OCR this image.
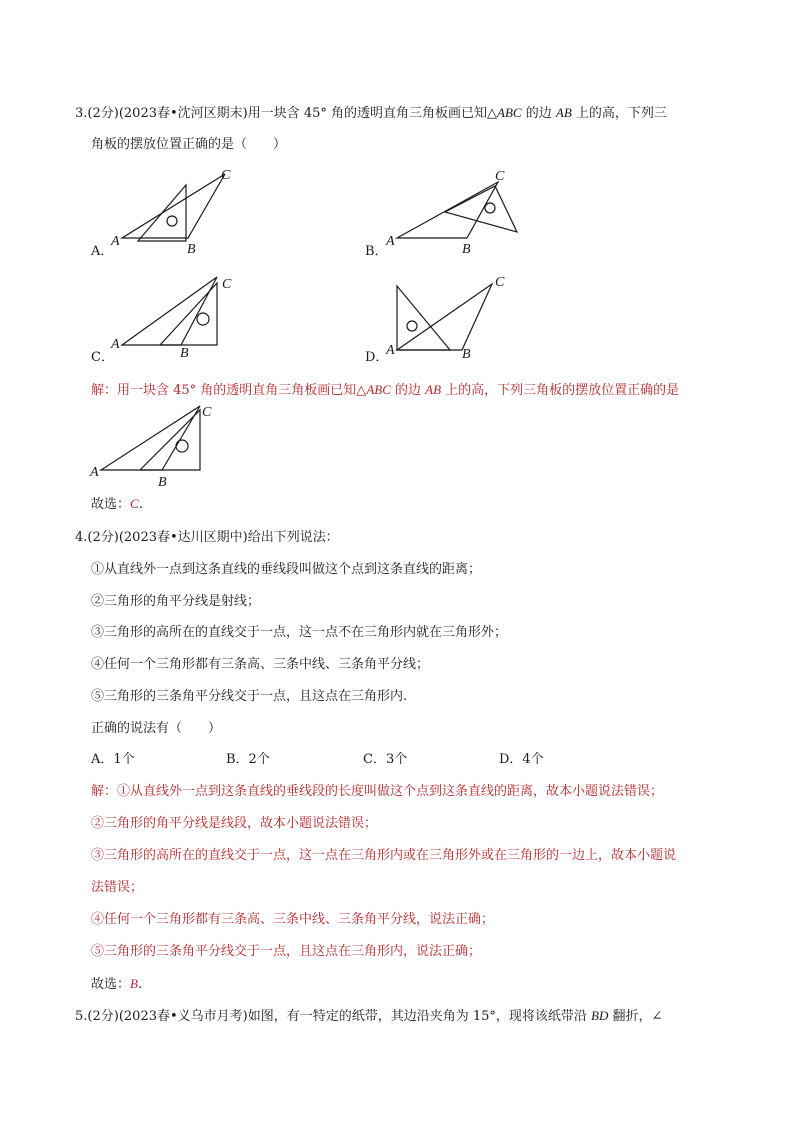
3.(2分)(2023春•沈河区期末)用一块含 45° 角的透明直角三角板画已知△ABC 的边 AB 上的高，下列三
角板的摆放位置正确的是（　　）
A．
A
B
C
B．
A
B
C
C．
A
B
C
D．
A	B
C
解：用一块含 45° 角的透明直角三角板画已知△ABC 的边 AB 上的高，下列三角板的摆放位置正确的是
A
B
C
故选：C.
4.(2分)(2023春•达川区期中)给出下列说法：
①从直线外一点到这条直线的垂线段叫做这个点到这条直线的距离；
②三角形的角平分线是射线；
③三角形的高所在的直线交于一点，这一点不在三角形内就在三角形外；
④任何一个三角形都有三条高、三条中线、三条角平分线；
⑤三角形的三条角平分线交于一点，且这点在三角形内.
正确的说法有（　　）
A．1个	B．2个	C．3个	D．4个
解：①从直线外一点到这条直线的垂线段的长度叫做这个点到这条直线的距离，故本小题说法错误；
②三角形的角平分线是线段，故本小题说法错误；
③三角形的高所在的直线交于一点，这一点在三角形内或在三角形外或在三角形的一边上，故本小题说
法错误；
④任何一个三角形都有三条高、三条中线、三条角平分线，说法正确；
⑤三角形的三条角平分线交于一点，且这点在三角形内，说法正确；
故选：B.
5.(2分)(2023春•义乌市月考)如图，有一特定的纸带，其边沿夹角为 15°，现将该纸带沿 BD 翻折，∠
